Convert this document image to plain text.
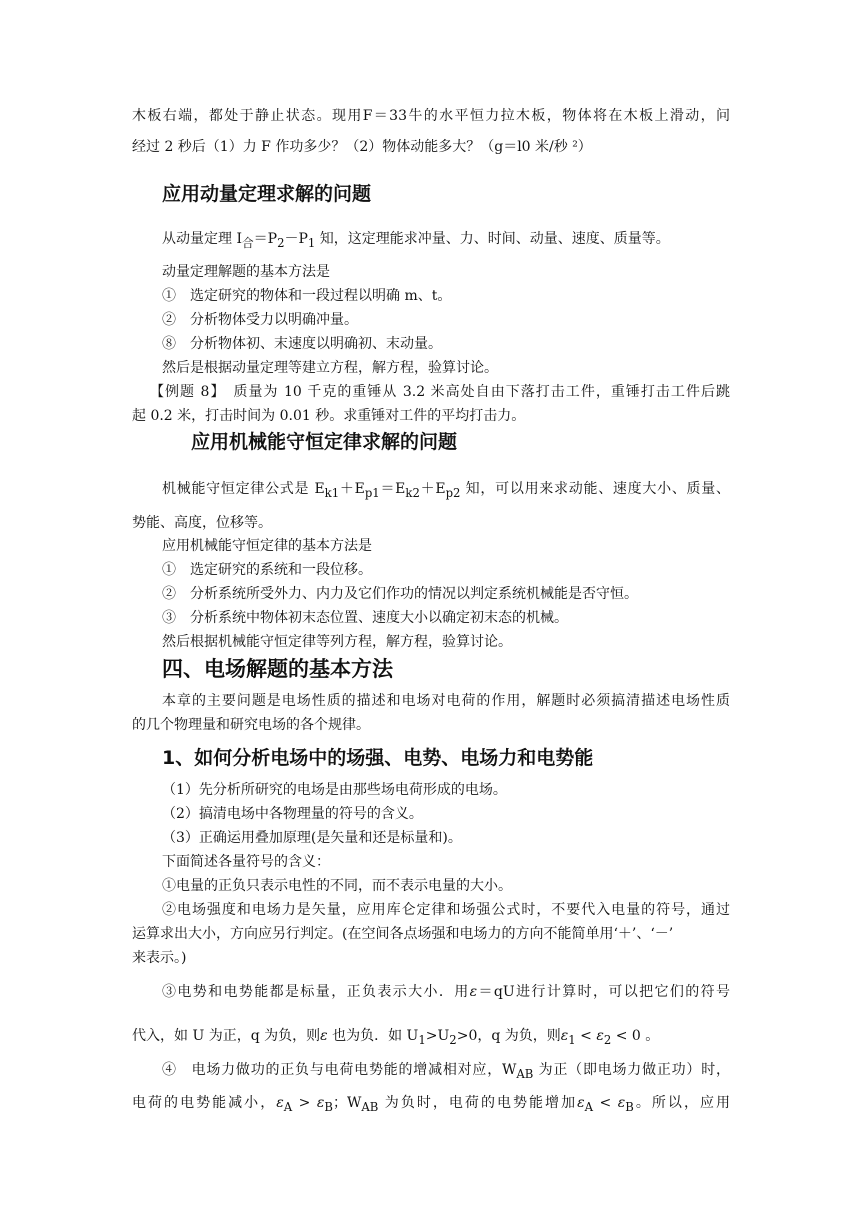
木板右端，都处于静止状态。现用F＝33牛的水平恒力拉木板，物体将在木板上滑动，问

经过 2 秒后（1）力 F 作功多少？（2）物体动能多大？（g＝l0 米/秒 ²）

应用动量定理求解的问题

从动量定理 $I_合=P_2-P_1$ 知，这定理能求冲量、力、时间、动量、速度、质量等。

动量定理解题的基本方法是

①　选定研究的物体和一段过程以明确 m、t。

②　分析物体受力以明确冲量。

⑧　分析物体初、末速度以明确初、末动量。

然后是根据动量定理等建立方程，解方程，验算讨论。

【例题 8】　质量为 10 千克的重锤从 3.2 米高处自由下落打击工件，重锤打击工件后跳

起 0.2 米，打击时间为 0.01 秒。求重锤对工件的平均打击力。

应用机械能守恒定律求解的问题

机械能守恒定律公式是 $E_{k1}+E_{p1}=E_{k2}+E_{p2}$ 知，可以用来求动能、速度大小、质量、

势能、高度，位移等。

应用机械能守恒定律的基本方法是

①　选定研究的系统和一段位移。

②　分析系统所受外力、内力及它们作功的情况以判定系统机械能是否守恒。

③　分析系统中物体初末态位置、速度大小以确定初末态的机械。

然后根据机械能守恒定律等列方程，解方程，验算讨论。

四、电场解题的基本方法

本章的主要问题是电场性质的描述和电场对电荷的作用，解题时必须搞清描述电场性质

的几个物理量和研究电场的各个规律。

1、如何分析电场中的场强、电势、电场力和电势能

（1）先分析所研究的电场是由那些场电荷形成的电场。

（2）搞清电场中各物理量的符号的含义。

（3）正确运用叠加原理(是矢量和还是标量和)。

下面简述各量符号的含义：

①电量的正负只表示电性的不同，而不表示电量的大小。

②电场强度和电场力是矢量，应用库仑定律和场强公式时，不要代入电量的符号，通过

运算求出大小，方向应另行判定。(在空间各点场强和电场力的方向不能简单用‘＋’、‘－’

来表示。)

③电势和电势能都是标量，正负表示大小．用ε＝qU进行计算时，可以把它们的符号

代入，如 U 为正，q 为负，则ε 也为负．如 $U_1>U_2>0$，q 为负，则$\varepsilon_1 < \varepsilon_2 < 0$ 。

④　电场力做功的正负与电荷电势能的增减相对应，$W_{AB}$ 为正（即电场力做正功）时，

电荷的电势能减小，$\varepsilon_A > \varepsilon_B$；$W_{AB}$ 为负时，电荷的电势能增加$\varepsilon_A < \varepsilon_B$。所以，应用
